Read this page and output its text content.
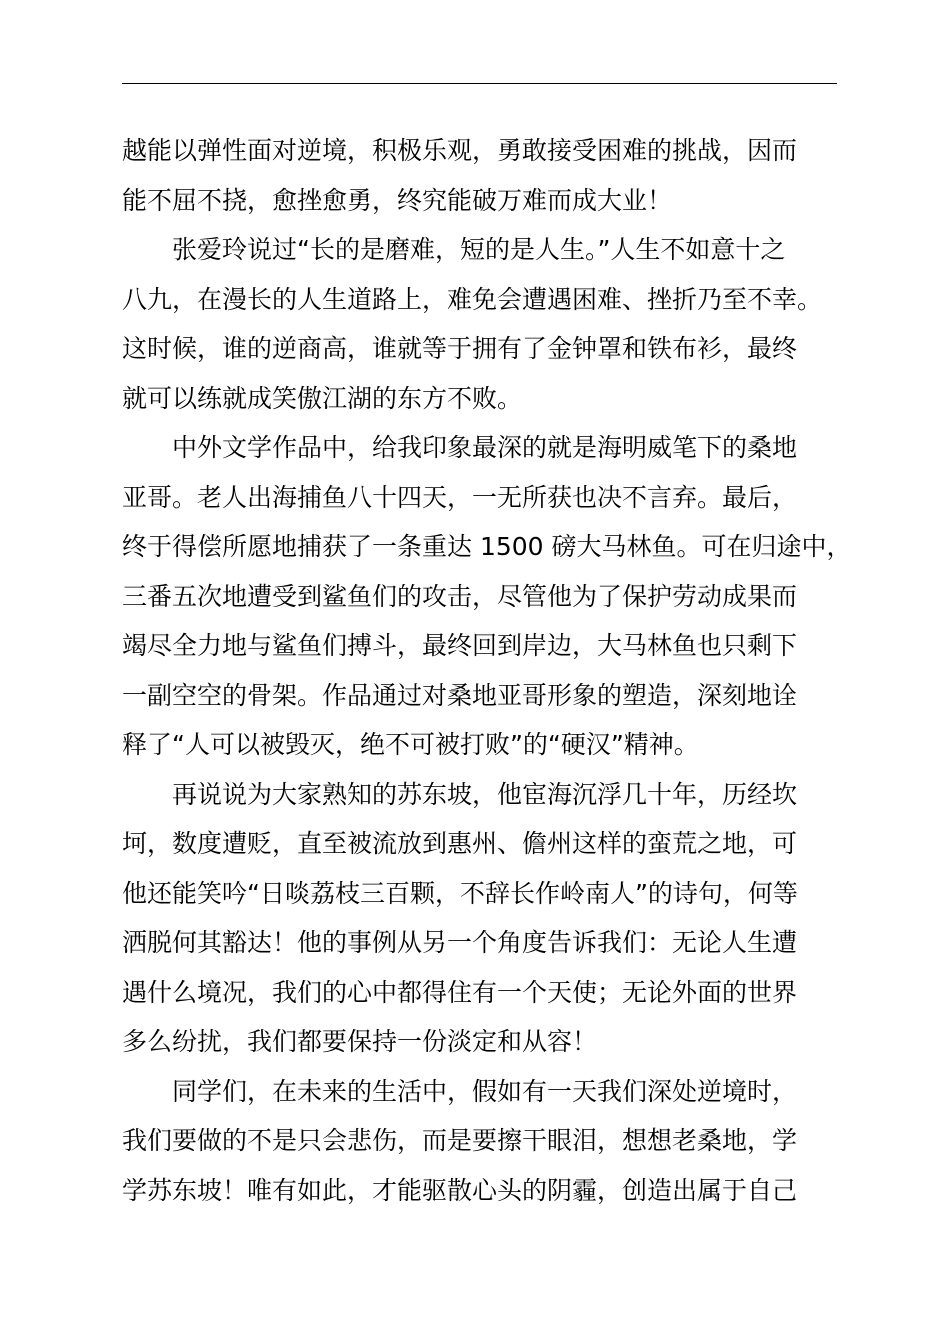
越能以弹性面对逆境，积极乐观，勇敢接受困难的挑战，因而
能不屈不挠，愈挫愈勇，终究能破万难而成大业！
张爱玲说过“长的是磨难，短的是人生。”人生不如意十之
八九，在漫长的人生道路上，难免会遭遇困难、挫折乃至不幸。
这时候，谁的逆商高，谁就等于拥有了金钟罩和铁布衫，最终
就可以练就成笑傲江湖的东方不败。
中外文学作品中，给我印象最深的就是海明威笔下的桑地
亚哥。老人出海捕鱼八十四天，一无所获也决不言弃。最后，
终于得偿所愿地捕获了一条重达 1500 磅大马林鱼。可在归途中，
三番五次地遭受到鲨鱼们的攻击，尽管他为了保护劳动成果而
竭尽全力地与鲨鱼们搏斗，最终回到岸边，大马林鱼也只剩下
一副空空的骨架。作品通过对桑地亚哥形象的塑造，深刻地诠
释了“人可以被毁灭，绝不可被打败”的“硬汉”精神。
再说说为大家熟知的苏东坡，他宦海沉浮几十年，历经坎
坷，数度遭贬，直至被流放到惠州、儋州这样的蛮荒之地，可
他还能笑吟“日啖荔枝三百颗，不辞长作岭南人”的诗句，何等
洒脱何其豁达！他的事例从另一个角度告诉我们：无论人生遭
遇什么境况，我们的心中都得住有一个天使；无论外面的世界
多么纷扰，我们都要保持一份淡定和从容！
同学们，在未来的生活中，假如有一天我们深处逆境时，
我们要做的不是只会悲伤，而是要擦干眼泪，想想老桑地，学
学苏东坡！唯有如此，才能驱散心头的阴霾，创造出属于自己
